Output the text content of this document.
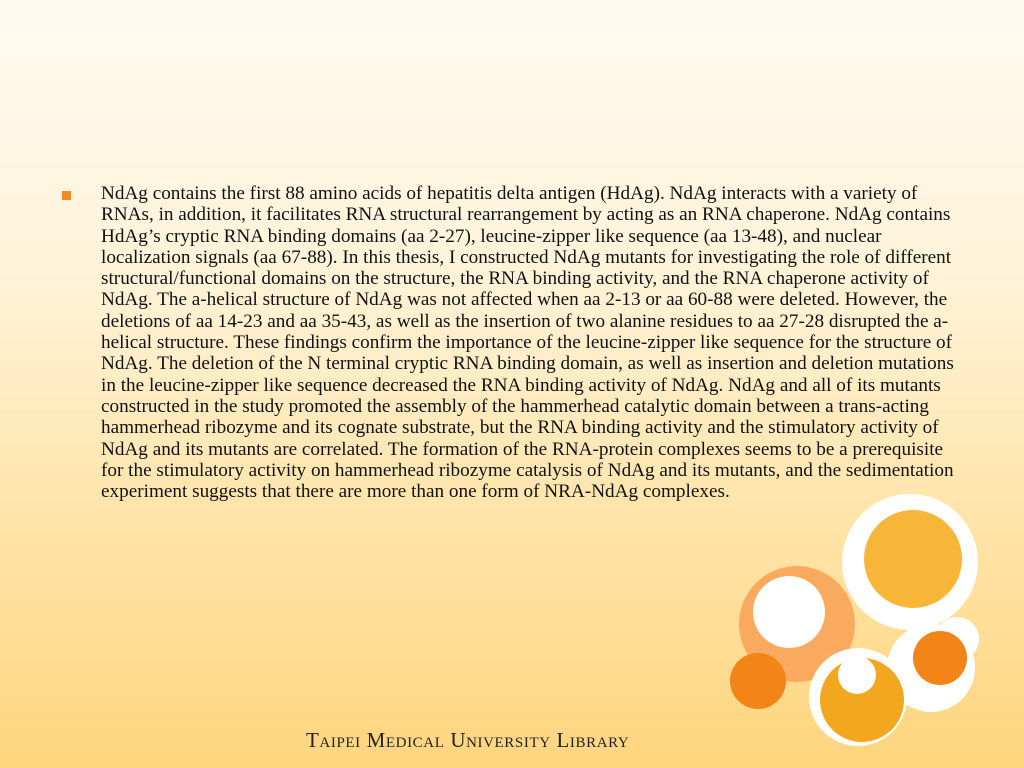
NdAg contains the first 88 amino acids of hepatitis delta antigen (HdAg). NdAg interacts with a variety of RNAs, in addition, it facilitates RNA structural rearrangement by acting as an RNA chaperone. NdAg contains HdAg’s cryptic RNA binding domains (aa 2-27), leucine-zipper like sequence (aa 13-48), and nuclear localization signals (aa 67-88). In this thesis, I constructed NdAg mutants for investigating the role of different structural/functional domains on the structure, the RNA binding activity, and the RNA chaperone activity of NdAg. The a-helical structure of NdAg was not affected when aa 2-13 or aa 60-88 were deleted. However, the deletions of aa 14-23 and aa 35-43, as well as the insertion of two alanine residues to aa 27-28 disrupted the a-helical structure. These findings confirm the importance of the leucine-zipper like sequence for the structure of NdAg. The deletion of the N terminal cryptic RNA binding domain, as well as insertion and deletion mutations in the leucine-zipper like sequence decreased the RNA binding activity of NdAg. NdAg and all of its mutants constructed in the study promoted the assembly of the hammerhead catalytic domain between a trans-acting hammerhead ribozyme and its cognate substrate, but the RNA binding activity and the stimulatory activity of NdAg and its mutants are correlated. The formation of the RNA-protein complexes seems to be a prerequisite for the stimulatory activity on hammerhead ribozyme catalysis of NdAg and its mutants, and the sedimentation experiment suggests that there are more than one form of NRA-NdAg complexes.
Taipei Medical University Library
